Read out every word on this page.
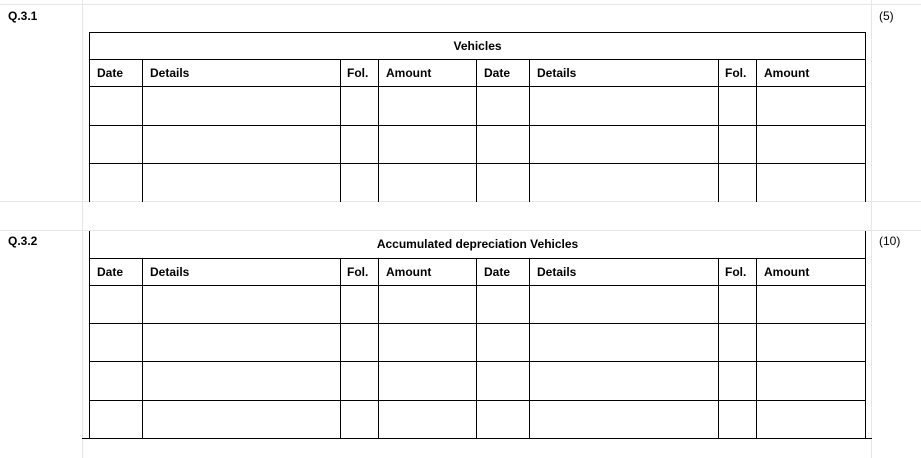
Q.3.1	(5)
Vehicles							
Date	Details	Fol.	Amount	Date	Details	Fol.	Amount

Q.3.2	(10)
Accumulated depreciation Vehicles							
Date	Details	Fol.	Amount	Date	Details	Fol.	Amount
